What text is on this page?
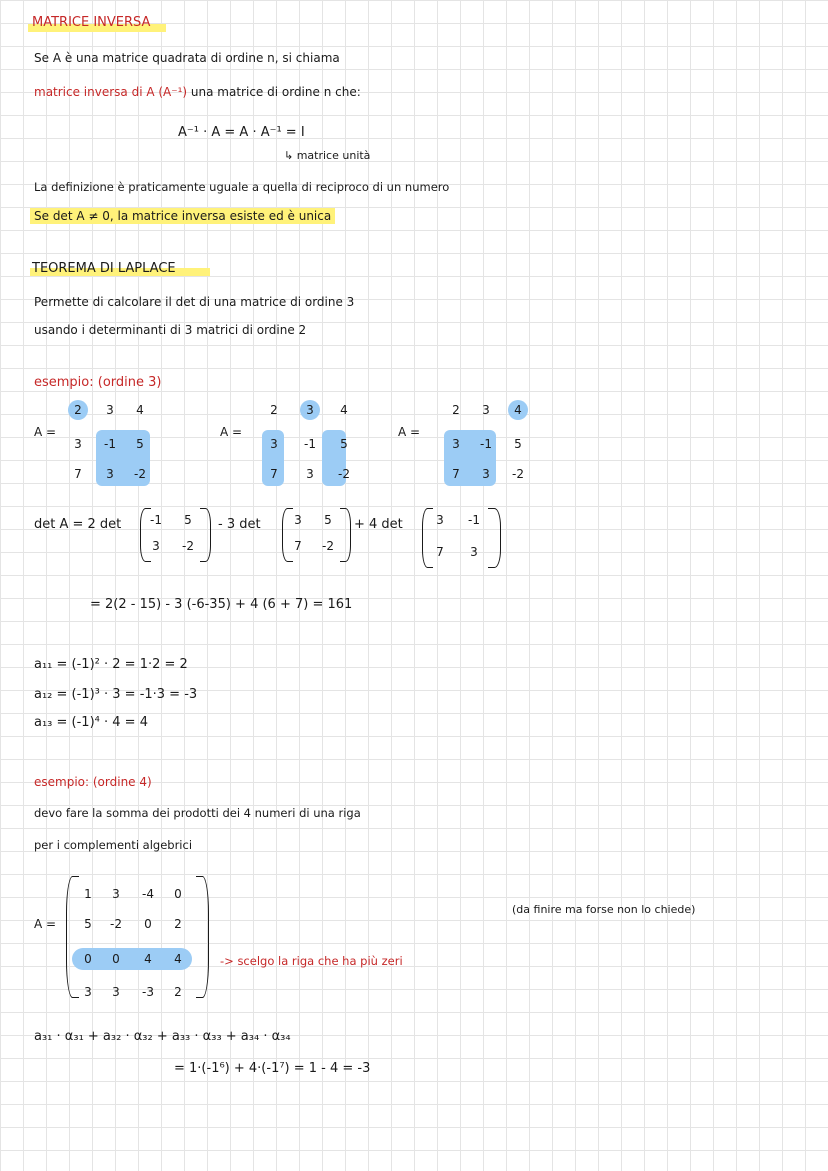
MATRICE INVERSA
Se A è una matrice quadrata di ordine n, si chiama
matrice inversa di A (A⁻¹) una matrice di ordine n che:
A⁻¹ · A = A · A⁻¹ = I
↳ matrice unità
La definizione è praticamente uguale a quella di reciproco di un numero
Se det A ≠ 0, la matrice inversa esiste ed è unica
TEOREMA DI LAPLACE
Permette di calcolare il det di una matrice di ordine 3
usando i determinanti di 3 matrici di ordine 2
esempio: (ordine 3)
A =
2	3	4
3	-1	5
7	3	-2
A =
2	3	4
3	-1	5
7	3	-2
A =
2	3	4
3	-1	5
7	3	-2
det A = 2 det	-1	5
3	-2
- 3 det	3	5
7	-2
+ 4 det	3	-1
7	3
= 2(2 - 15) - 3 (-6-35) + 4 (6 + 7) = 161
a₁₁ = (-1)² · 2 = 1·2 = 2
a₁₂ = (-1)³ · 3 = -1·3 = -3
a₁₃ = (-1)⁴ · 4 = 4
esempio: (ordine 4)
devo fare la somma dei prodotti dei 4 numeri di una riga
per i complementi algebrici
A =
1	3	-4	0
5	-2	0	2
0	0	4	4
3	3	-3	2
-> scelgo la riga che ha più zeri
(da finire ma forse non lo chiede)
a₃₁ · α₃₁ + a₃₂ · α₃₂ + a₃₃ · α₃₃ + a₃₄ · α₃₄
= 1·(-1⁶) + 4·(-1⁷) = 1 - 4 = -3
